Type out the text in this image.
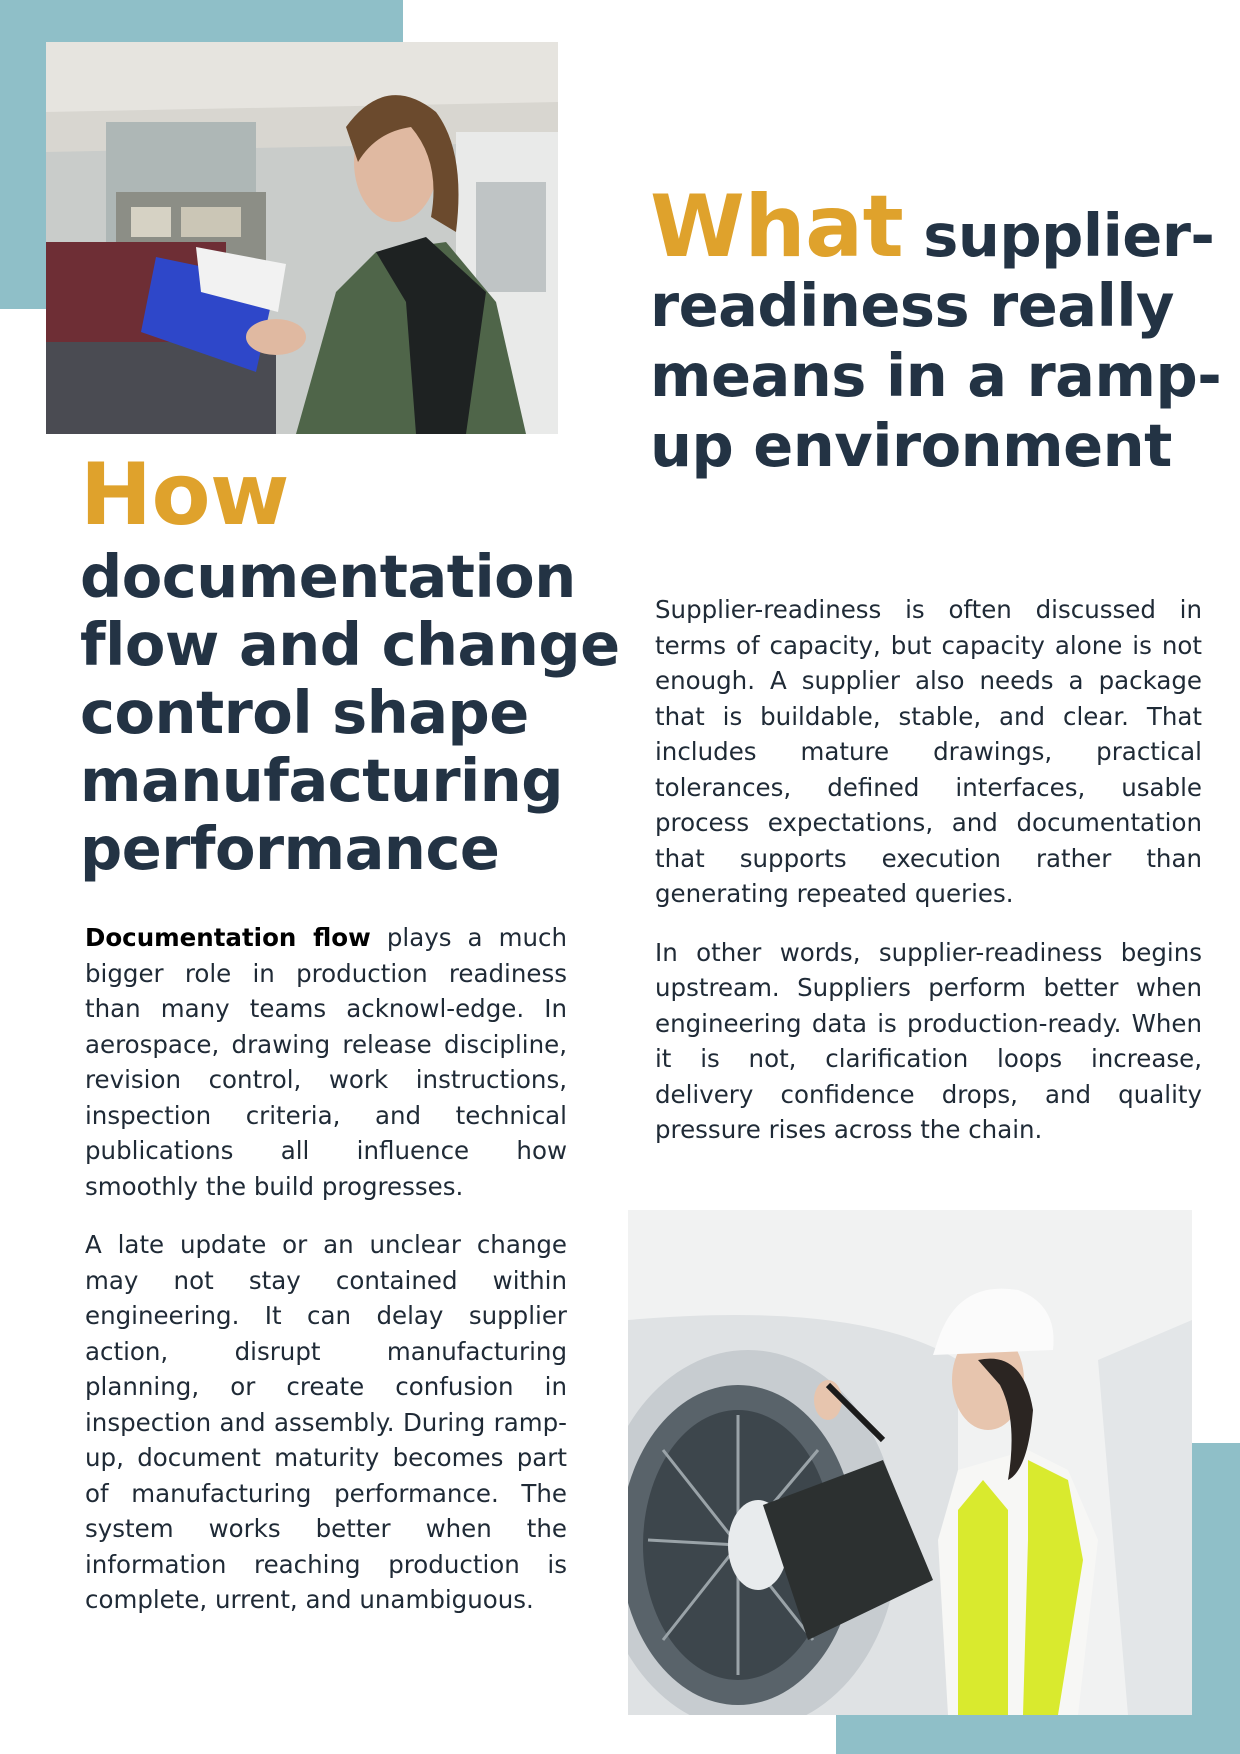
How
documentation flow and change control shape manufacturing performance

Documentation flow plays a much bigger role in production readiness than many teams acknowl-edge. In aerospace, drawing release discipline, revision control, work instructions, inspection criteria, and technical publications all influence how smoothly the build progresses.

A late update or an unclear change may not stay contained within engineering. It can delay supplier action, disrupt manufacturing planning, or create confusion in inspection and assembly. During ramp-up, document maturity becomes part of manufacturing performance. The system works better when the information reaching production is complete, urrent, and unambiguous.

What supplier-readiness really means in a ramp-up environment

Supplier-readiness is often discussed in terms of capacity, but capacity alone is not enough. A supplier also needs a package that is buildable, stable, and clear. That includes mature drawings, practical tolerances, defined interfaces, usable process expectations, and documentation that supports execution rather than generating repeated queries.

In other words, supplier-readiness begins upstream. Suppliers perform better when engineering data is production-ready. When it is not, clarification loops increase, delivery confidence drops, and quality pressure rises across the chain.
